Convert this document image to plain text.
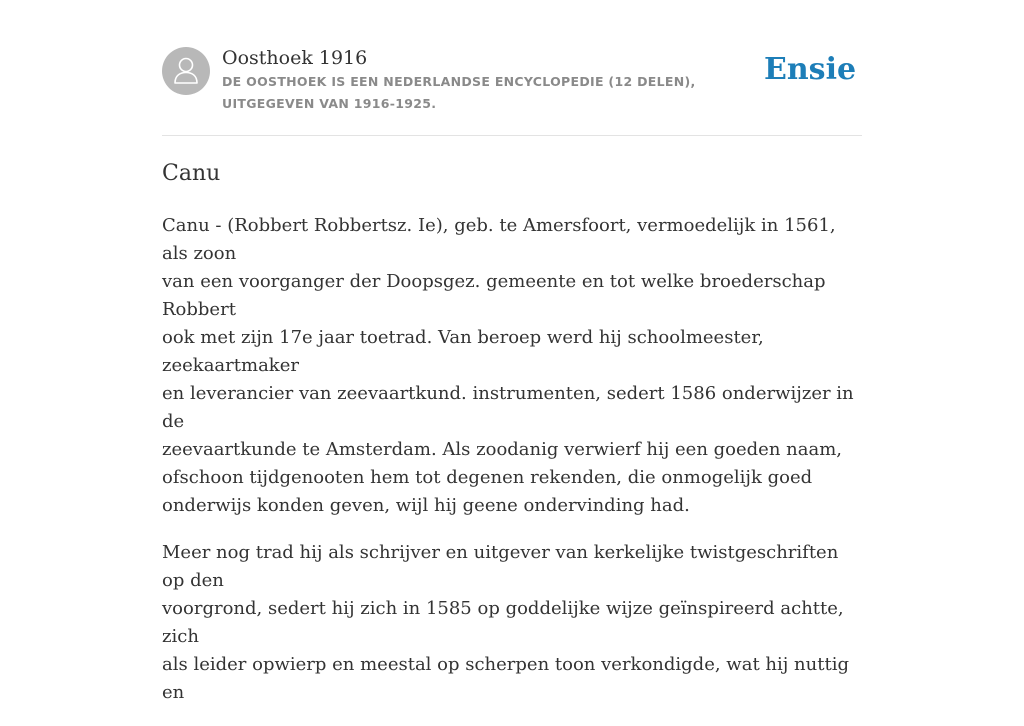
Oosthoek 1916
DE OOSTHOEK IS EEN NEDERLANDSE ENCYCLOPEDIE (12 DELEN), UITGEGEVEN VAN 1916-1925.
Ensie
Canu

Canu - (Robbert Robbertsz. Ie), geb. te Amersfoort, vermoedelijk in 1561, als zoon
van een voorganger der Doopsgez. gemeente en tot welke broederschap Robbert
ook met zijn 17e jaar toetrad. Van beroep werd hij schoolmeester, zeekaartmaker
en leverancier van zeevaartkund. instrumenten, sedert 1586 onderwijzer in de
zeevaartkunde te Amsterdam. Als zoodanig verwierf hij een goeden naam,
ofschoon tijdgenooten hem tot degenen rekenden, die onmogelijk goed
onderwijs konden geven, wijl hij geene ondervinding had.

Meer nog trad hij als schrijver en uitgever van kerkelijke twistgeschriften op den
voorgrond, sedert hij zich in 1585 op goddelijke wijze geïnspireerd achtte, zich
als leider opwierp en meestal op scherpen toon verkondigde, wat hij nuttig en
